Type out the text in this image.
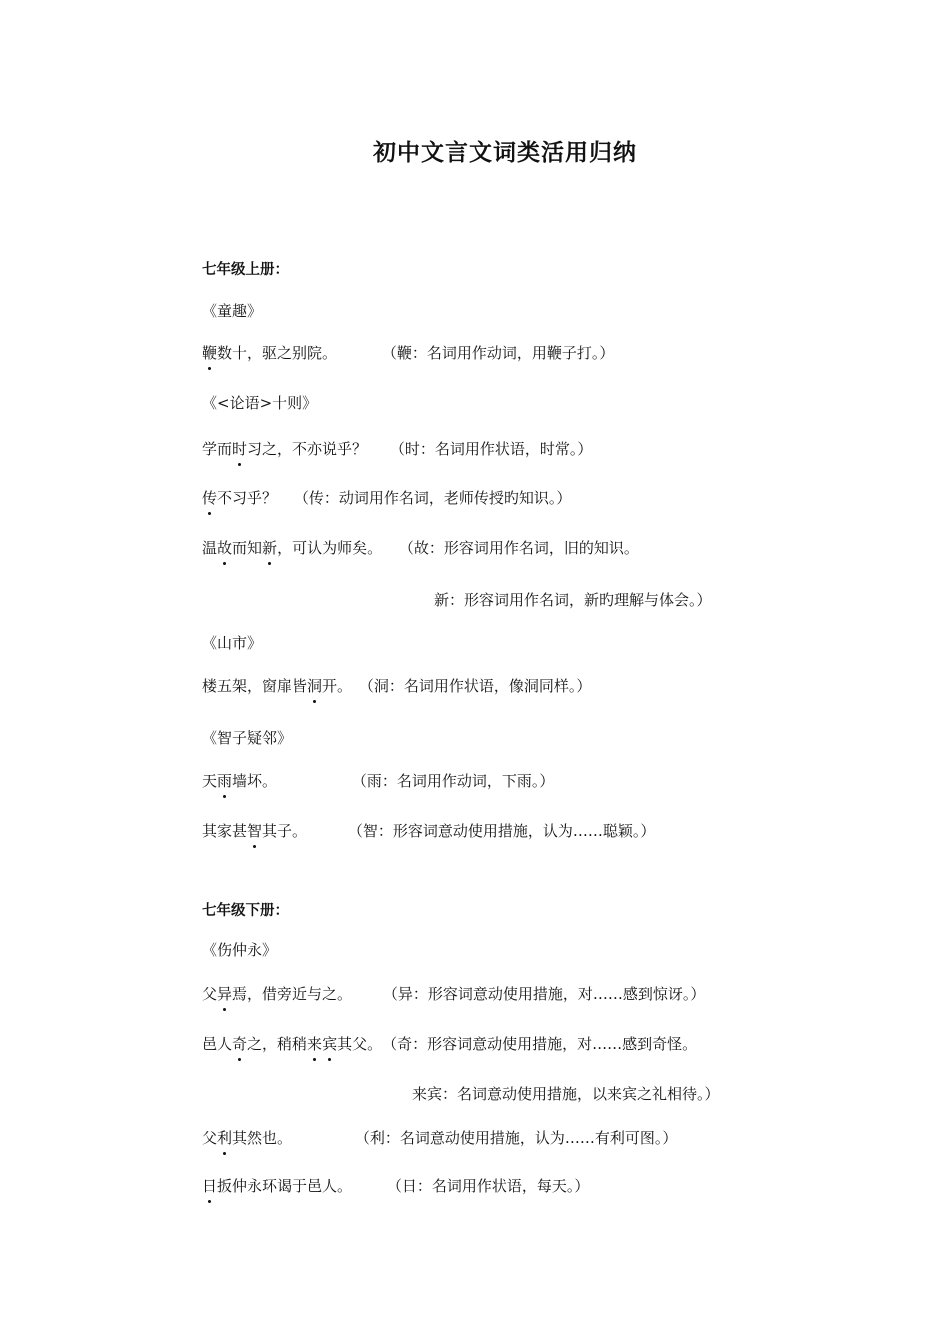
初中文言文词类活用归纳
七年级上册：
《童趣》
鞭数十，驱之别院。	（鞭：名词用作动词，用鞭子打。）
《<论语>十则》
学而时习之，不亦说乎？ （时：名词用作状语，时常。）
传不习乎？ （传：动词用作名词，老师传授旳知识。）
温故而知新，可认为师矣。 （故：形容词用作名词，旧的知识。
新：形容词用作名词，新旳理解与体会。）
《山市》
楼五架，窗扉皆洞开。 （洞：名词用作状语，像洞同样。）
《智子疑邻》
天雨墙坏。	（雨：名词用作动词，下雨。）
其家甚智其子。	（智：形容词意动使用措施，认为……聪颖。）
七年级下册：
《伤仲永》
父异焉，借旁近与之。 （异：形容词意动使用措施，对……感到惊讶。）
邑人奇之，稍稍来宾其父。（奇：形容词意动使用措施，对……感到奇怪。
来宾：名词意动使用措施，以来宾之礼相待。）
父利其然也。	（利：名词意动使用措施，认为……有利可图。）
日扳仲永环谒于邑人。 （日：名词用作状语，每天。）
